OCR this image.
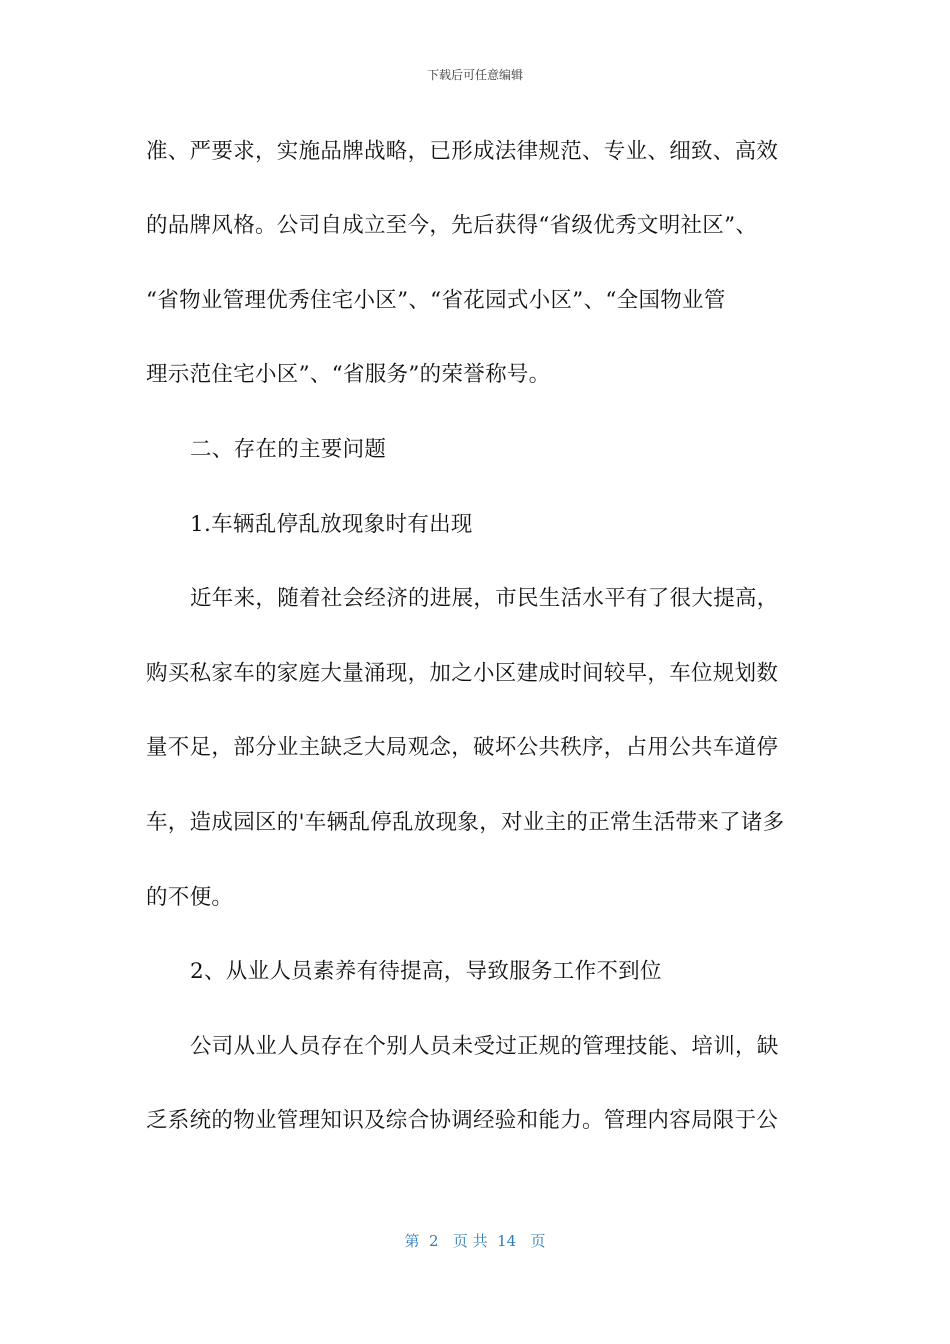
下载后可任意编辑
准、严要求，实施品牌战略，已形成法律规范、专业、细致、高效
的品牌风格。公司自成立至今，先后获得“省级优秀文明社区”、
“省物业管理优秀住宅小区”、“省花园式小区”、“全国物业管
理示范住宅小区”、“省服务”的荣誉称号。
二、存在的主要问题
1.车辆乱停乱放现象时有出现
近年来，随着社会经济的进展，市民生活水平有了很大提高，
购买私家车的家庭大量涌现，加之小区建成时间较早，车位规划数
量不足，部分业主缺乏大局观念，破坏公共秩序，占用公共车道停
车，造成园区的'车辆乱停乱放现象，对业主的正常生活带来了诸多
的不便。
2、从业人员素养有待提高，导致服务工作不到位
公司从业人员存在个别人员未受过正规的管理技能、培训，缺
乏系统的物业管理知识及综合协调经验和能力。管理内容局限于公
第  2   页 共  14   页
